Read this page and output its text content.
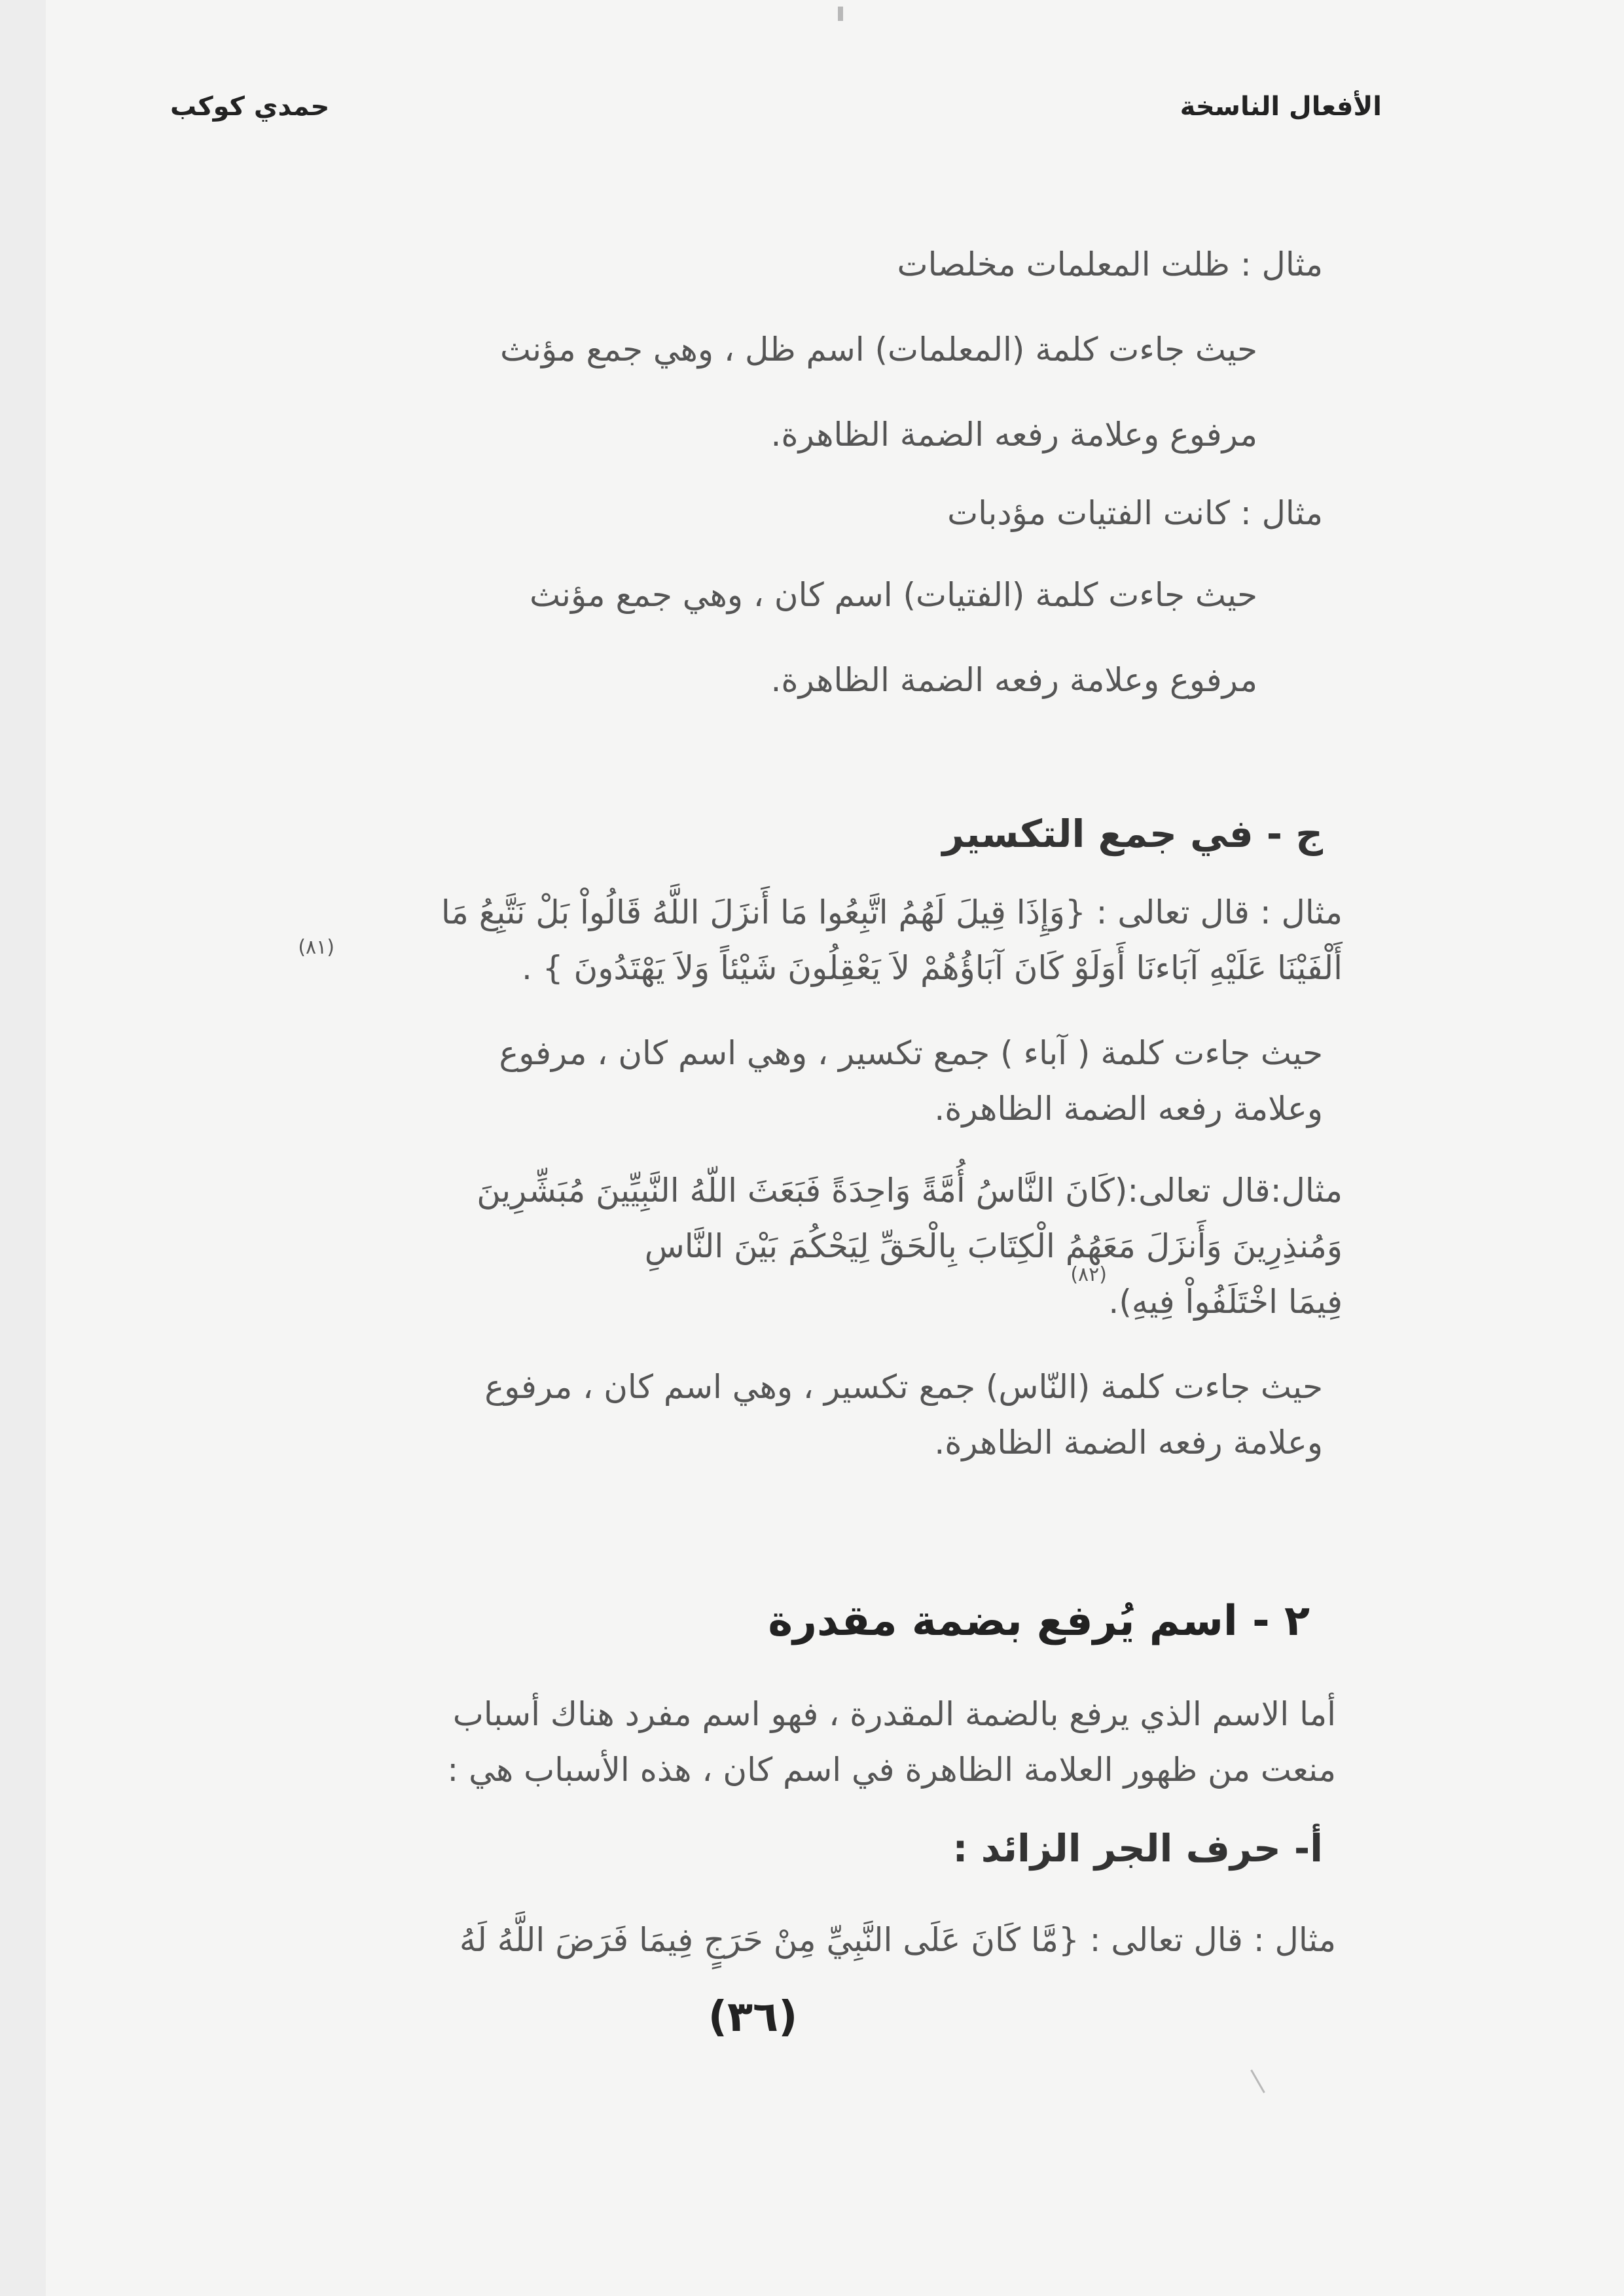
الأفعال الناسخة
حمدي كوكب
مثال : ظلت المعلمات مخلصات
حيث جاءت كلمة (المعلمات) اسم ظل ، وهي جمع مؤنث
مرفوع وعلامة رفعه الضمة الظاهرة.
مثال : كانت الفتيات مؤدبات
حيث جاءت كلمة (الفتيات) اسم كان ، وهي جمع مؤنث
مرفوع وعلامة رفعه الضمة الظاهرة.
ج - في جمع التكسير
مثال : قال تعالى : {وَإِذَا قِيلَ لَهُمُ اتَّبِعُوا مَا أَنزَلَ اللَّهُ قَالُواْ بَلْ نَتَّبِعُ مَا
أَلْفَيْنَا عَلَيْهِ آبَاءنَا أَوَلَوْ كَانَ آبَاؤُهُمْ لاَ يَعْقِلُونَ شَيْئاً وَلاَ يَهْتَدُونَ } .
(٨١)
حيث جاءت كلمة ( آباء ) جمع تكسير ، وهي اسم كان ، مرفوع
وعلامة رفعه الضمة الظاهرة.
مثال:قال تعالى:(كَانَ النَّاسُ أُمَّةً وَاحِدَةً فَبَعَثَ اللّهُ النَّبِيِّينَ مُبَشِّرِينَ
وَمُنذِرِينَ وَأَنزَلَ مَعَهُمُ الْكِتَابَ بِالْحَقِّ لِيَحْكُمَ بَيْنَ النَّاسِ
فِيمَا اخْتَلَفُواْ فِيهِ).
(٨٢)
حيث جاءت كلمة (النّاس) جمع تكسير ، وهي اسم كان ، مرفوع
وعلامة رفعه الضمة الظاهرة.
٢ - اسم يُرفع بضمة مقدرة
أما الاسم الذي يرفع بالضمة المقدرة ، فهو اسم مفرد هناك أسباب
منعت من ظهور العلامة الظاهرة في اسم كان ، هذه الأسباب هي :
أ- حرف الجر الزائد :
مثال : قال تعالى : {مَّا كَانَ عَلَى النَّبِيِّ مِنْ حَرَجٍ فِيمَا فَرَضَ اللَّهُ لَهُ
(٣٦)
